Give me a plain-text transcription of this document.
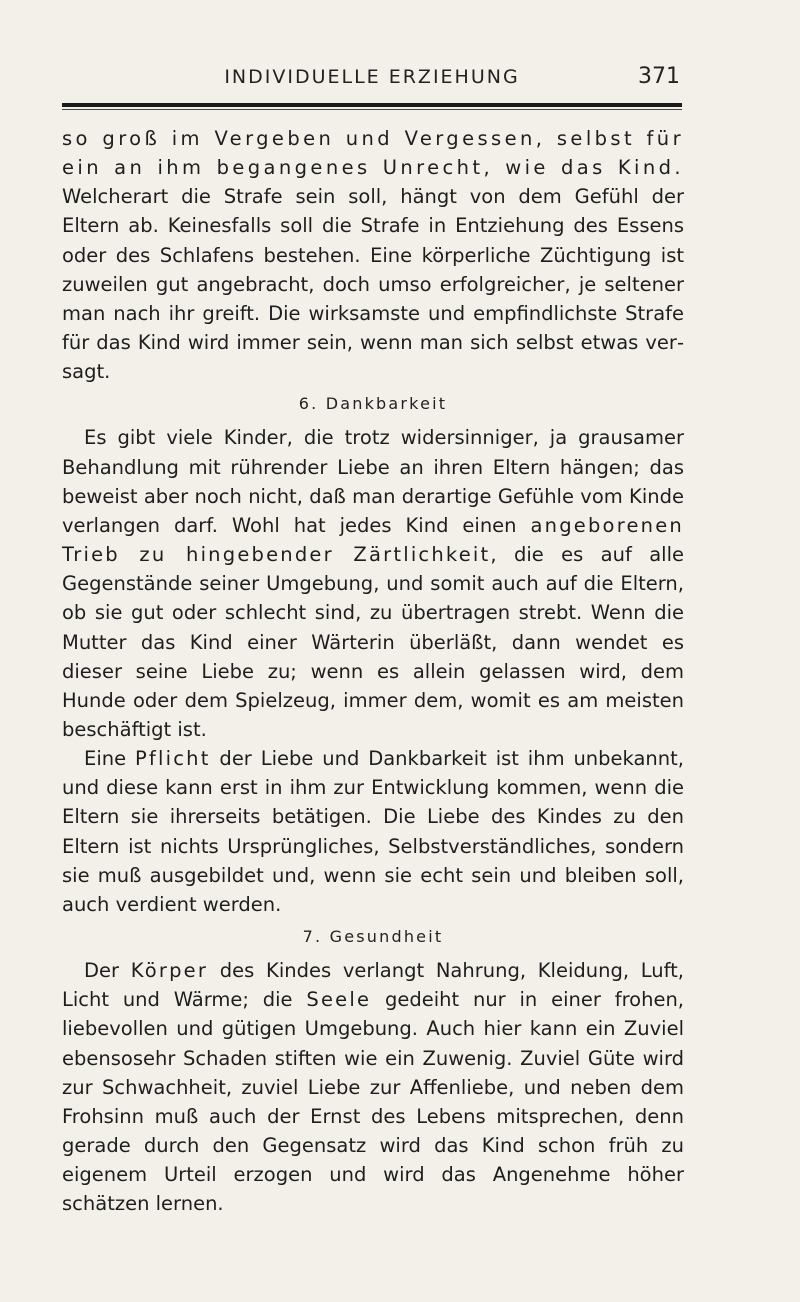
INDIVIDUELLE ERZIEHUNG	371

so groß im Vergeben und Vergessen, selbst für ein an ihm begangenes Unrecht, wie das Kind. Welcherart die Strafe sein soll, hängt von dem Gefühl der Eltern ab. Keinesfalls soll die Strafe in Entziehung des Essens oder des Schlafens bestehen. Eine körperliche Züchtigung ist zuweilen gut angebracht, doch umso erfolgreicher, je seltener man nach ihr greift. Die wirksamste und empfindlichste Strafe für das Kind wird immer sein, wenn man sich selbst etwas versagt.

6. Dankbarkeit

Es gibt viele Kinder, die trotz widersinniger, ja grausamer Behandlung mit rührender Liebe an ihren Eltern hängen; das beweist aber noch nicht, daß man derartige Gefühle vom Kinde verlangen darf. Wohl hat jedes Kind einen angeborenen Trieb zu hingebender Zärtlichkeit, die es auf alle Gegenstände seiner Umgebung, und somit auch auf die Eltern, ob sie gut oder schlecht sind, zu übertragen strebt. Wenn die Mutter das Kind einer Wärterin überläßt, dann wendet es dieser seine Liebe zu; wenn es allein gelassen wird, dem Hunde oder dem Spielzeug, immer dem, womit es am meisten beschäftigt ist.

Eine Pflicht der Liebe und Dankbarkeit ist ihm unbekannt, und diese kann erst in ihm zur Entwicklung kommen, wenn die Eltern sie ihrerseits betätigen. Die Liebe des Kindes zu den Eltern ist nichts Ursprüngliches, Selbstverständliches, sondern sie muß ausgebildet und, wenn sie echt sein und bleiben soll, auch verdient werden.

7. Gesundheit

Der Körper des Kindes verlangt Nahrung, Kleidung, Luft, Licht und Wärme; die Seele gedeiht nur in einer frohen, liebevollen und gütigen Umgebung. Auch hier kann ein Zuviel ebensosehr Schaden stiften wie ein Zuwenig. Zuviel Güte wird zur Schwachheit, zuviel Liebe zur Affenliebe, und neben dem Frohsinn muß auch der Ernst des Lebens mitsprechen, denn gerade durch den Gegensatz wird das Kind schon früh zu eigenem Urteil erzogen und wird das Angenehme höher schätzen lernen.
